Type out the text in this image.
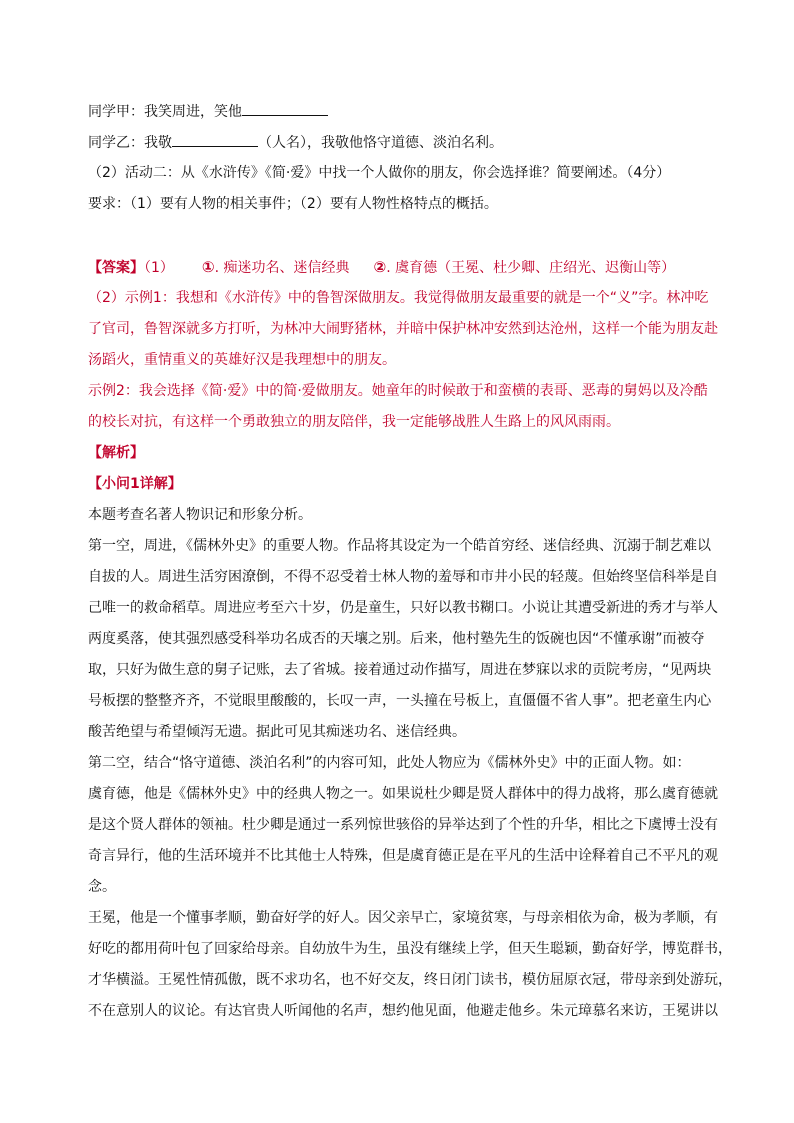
同学甲：我笑周进，笑他
同学乙：我敬	（人名），我敬他恪守道德、淡泊名利。
（2）活动二：从《水浒传》《简·爱》中找一个人做你的朋友，你会选择谁？简要阐述。（4分）
要求：（1）要有人物的相关事件；（2）要有人物性格特点的概括。
【答案】（1） ①. 痴迷功名、迷信经典 ②. 虞育德（王冕、杜少卿、庄绍光、迟衡山等）
（2）示例1：我想和《水浒传》中的鲁智深做朋友。我觉得做朋友最重要的就是一个“义”字。林冲吃
了官司，鲁智深就多方打听，为林冲大闹野猪林，并暗中保护林冲安然到达沧州，这样一个能为朋友赴
汤蹈火，重情重义的英雄好汉是我理想中的朋友。
示例2：我会选择《简·爱》中的简·爱做朋友。她童年的时候敢于和蛮横的表哥、恶毒的舅妈以及冷酷
的校长对抗，有这样一个勇敢独立的朋友陪伴，我一定能够战胜人生路上的风风雨雨。
【解析】
【小问1详解】
本题考查名著人物识记和形象分析。
第一空，周进，《儒林外史》的重要人物。作品将其设定为一个皓首穷经、迷信经典、沉溺于制艺难以
自拔的人。周进生活穷困潦倒，不得不忍受着士林人物的羞辱和市井小民的轻蔑。但始终坚信科举是自
己唯一的救命稻草。周进应考至六十岁，仍是童生，只好以教书糊口。小说让其遭受新进的秀才与举人
两度奚落，使其强烈感受科举功名成否的天壤之别。后来，他村塾先生的饭碗也因“不懂承谢”而被夺
取，只好为做生意的舅子记账，去了省城。接着通过动作描写，周进在梦寐以求的贡院考房，“见两块
号板摆的整整齐齐，不觉眼里酸酸的，长叹一声，一头撞在号板上，直僵僵不省人事”。把老童生内心
酸苦绝望与希望倾泻无遗。据此可见其痴迷功名、迷信经典。
第二空，结合“恪守道德、淡泊名利”的内容可知，此处人物应为《儒林外史》中的正面人物。如：
虞育德，他是《儒林外史》中的经典人物之一。如果说杜少卿是贤人群体中的得力战将，那么虞育德就
是这个贤人群体的领袖。杜少卿是通过一系列惊世骇俗的异举达到了个性的升华，相比之下虞博士没有
奇言异行，他的生活环境并不比其他士人特殊，但是虞育德正是在平凡的生活中诠释着自己不平凡的观
念。
王冕，他是一个懂事孝顺，勤奋好学的好人。因父亲早亡，家境贫寒，与母亲相依为命，极为孝顺，有
好吃的都用荷叶包了回家给母亲。自幼放牛为生，虽没有继续上学，但天生聪颖，勤奋好学，博览群书，
才华横溢。王冕性情孤傲，既不求功名，也不好交友，终日闭门读书，模仿屈原衣冠，带母亲到处游玩，
不在意别人的议论。有达官贵人听闻他的名声，想约他见面，他避走他乡。朱元璋慕名来访，王冕讲以
